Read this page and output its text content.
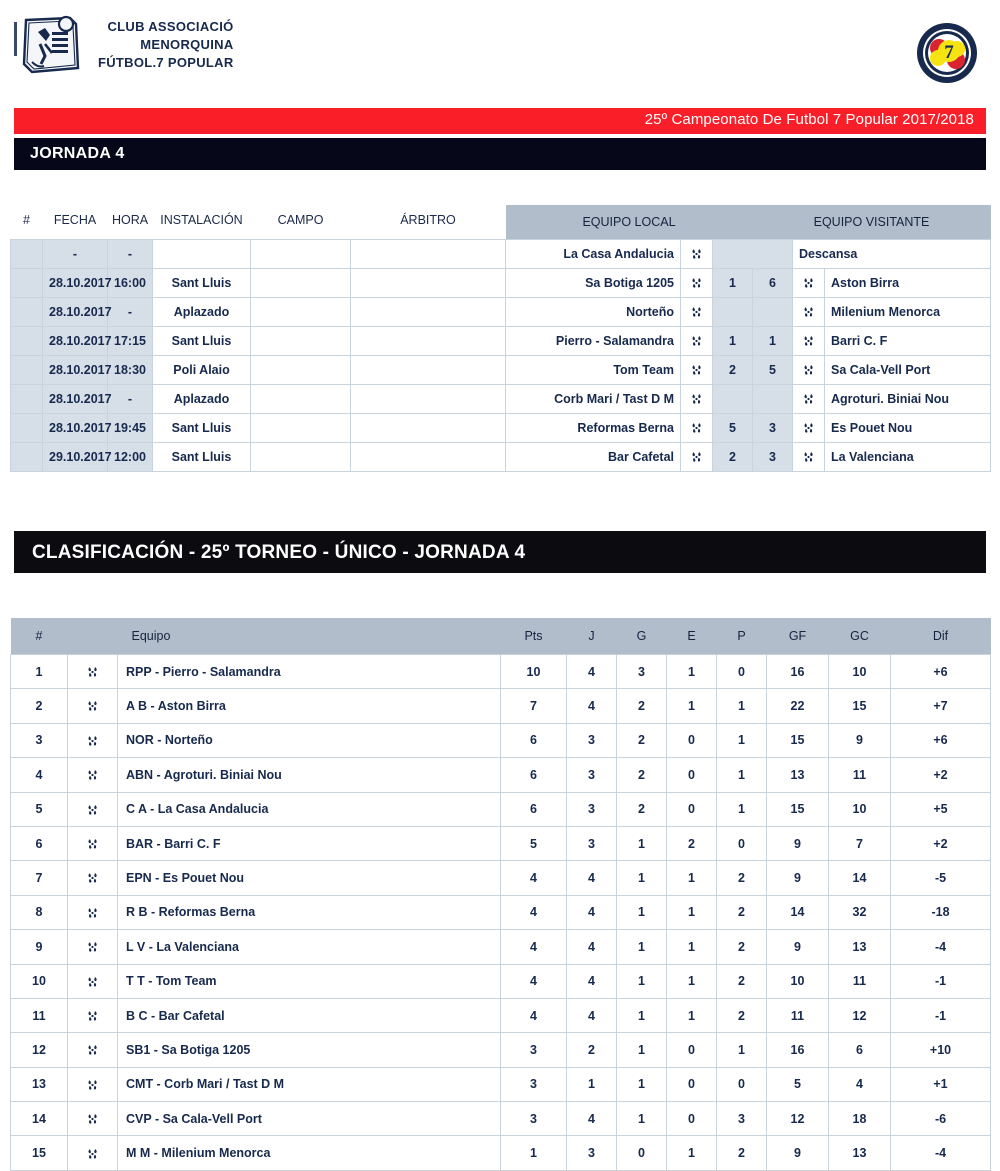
CLUB ASSOCIACIÓ
MENORQUINA
FÚTBOL.7 POPULAR	7
25º Campeonato De Futbol 7 Popular 2017/2018
JORNADA 4
#	FECHA	HORA	INSTALACIÓN	CAMPO	ÁRBITRO	EQUIPO LOCAL			EQUIPO VISITANTE		
	-	-				La Casa Andalucia				Descansa	
	28.10.2017	16:00	Sant Lluis			Sa Botiga 1205		1	6		Aston Birra
	28.10.2017	-	Aplazado			Norteño					Milenium Menorca
	28.10.2017	17:15	Sant Lluis			Pierro - Salamandra		1	1		Barri C. F
	28.10.2017	18:30	Poli Alaio			Tom Team		2	5		Sa Cala-Vell Port
	28.10.2017	-	Aplazado			Corb Mari / Tast D M					Agroturi. Biniai Nou
	28.10.2017	19:45	Sant Lluis			Reformas Berna		5	3		Es Pouet Nou
	29.10.2017	12:00	Sant Lluis			Bar Cafetal		2	3		La Valenciana
CLASIFICACIÓN - 25º TORNEO - ÚNICO - JORNADA 4
#		Equipo	Pts	J	G	E	P	GF	GC	Dif
1		RPP - Pierro - Salamandra	10	4	3	1	0	16	10	+6
2		A B - Aston Birra	7	4	2	1	1	22	15	+7
3		NOR - Norteño	6	3	2	0	1	15	9	+6
4		ABN - Agroturi. Biniai Nou	6	3	2	0	1	13	11	+2
5		C A - La Casa Andalucia	6	3	2	0	1	15	10	+5
6		BAR - Barri C. F	5	3	1	2	0	9	7	+2
7		EPN - Es Pouet Nou	4	4	1	1	2	9	14	-5
8		R B - Reformas Berna	4	4	1	1	2	14	32	-18
9		L V - La Valenciana	4	4	1	1	2	9	13	-4
10		T T - Tom Team	4	4	1	1	2	10	11	-1
11		B C - Bar Cafetal	4	4	1	1	2	11	12	-1
12		SB1 - Sa Botiga 1205	3	2	1	0	1	16	6	+10
13		CMT - Corb Mari / Tast D M	3	1	1	0	0	5	4	+1
14		CVP - Sa Cala-Vell Port	3	4	1	0	3	12	18	-6
15		M M - Milenium Menorca	1	3	0	1	2	9	13	-4
